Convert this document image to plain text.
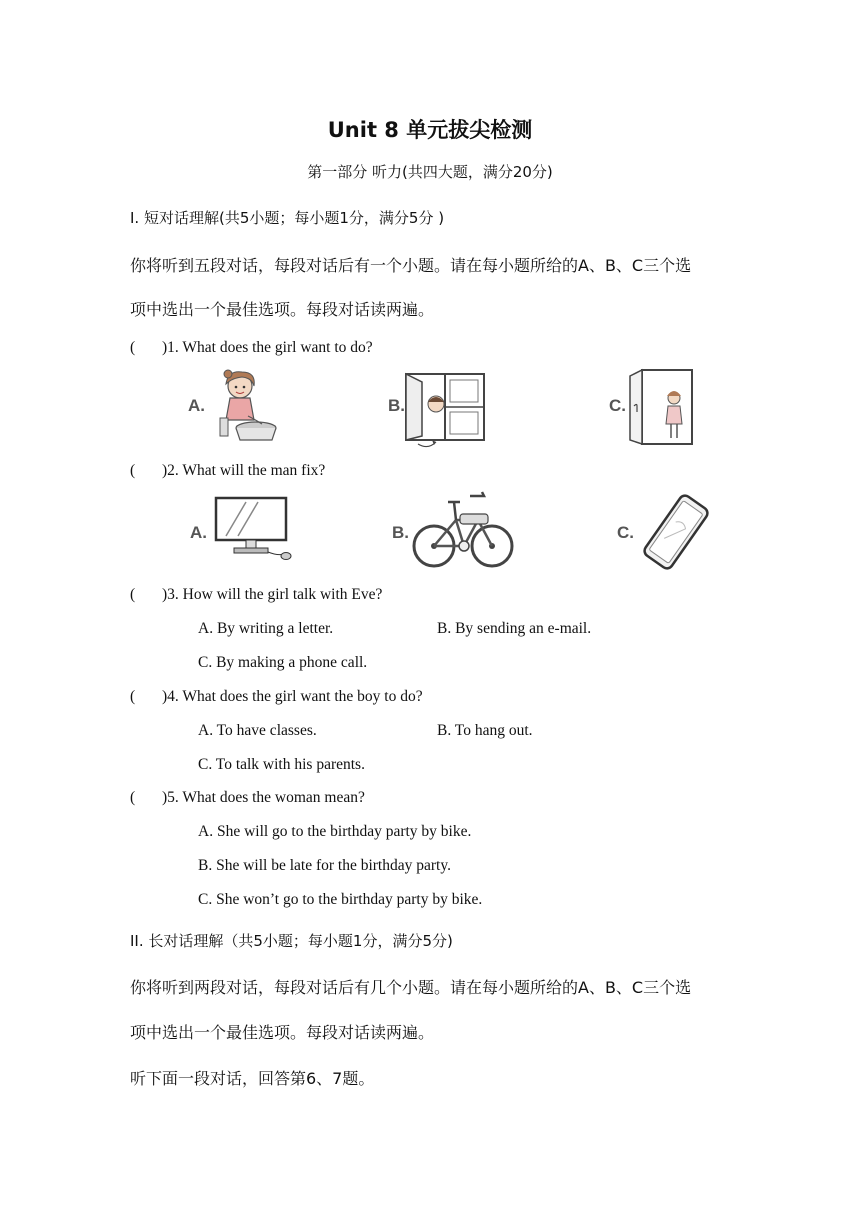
Unit 8 单元拔尖检测
第一部分 听力(共四大题，满分20分)
I. 短对话理解(共5小题；每小题1分，满分5分 )
你将听到五段对话，每段对话后有一个小题。请在每小题所给的A、B、C三个选
项中选出一个最佳选项。每段对话读两遍。
( )1. What does the girl want to do?
A.	B.	C.
( )2. What will the man fix?
A.	B.	C.
( )3. How will the girl talk with Eve?
A. By writing a letter.	B. By sending an e-mail.
C. By making a phone call.
( )4. What does the girl want the boy to do?
A. To have classes.	B. To hang out.
C. To talk with his parents.
( )5. What does the woman mean?
A. She will go to the birthday party by bike.
B. She will be late for the birthday party.
C. She won’t go to the birthday party by bike.
II. 长对话理解（共5小题；每小题1分，满分5分)
你将听到两段对话，每段对话后有几个小题。请在每小题所给的A、B、C三个选
项中选出一个最佳选项。每段对话读两遍。
听下面一段对话，回答第6、7题。
